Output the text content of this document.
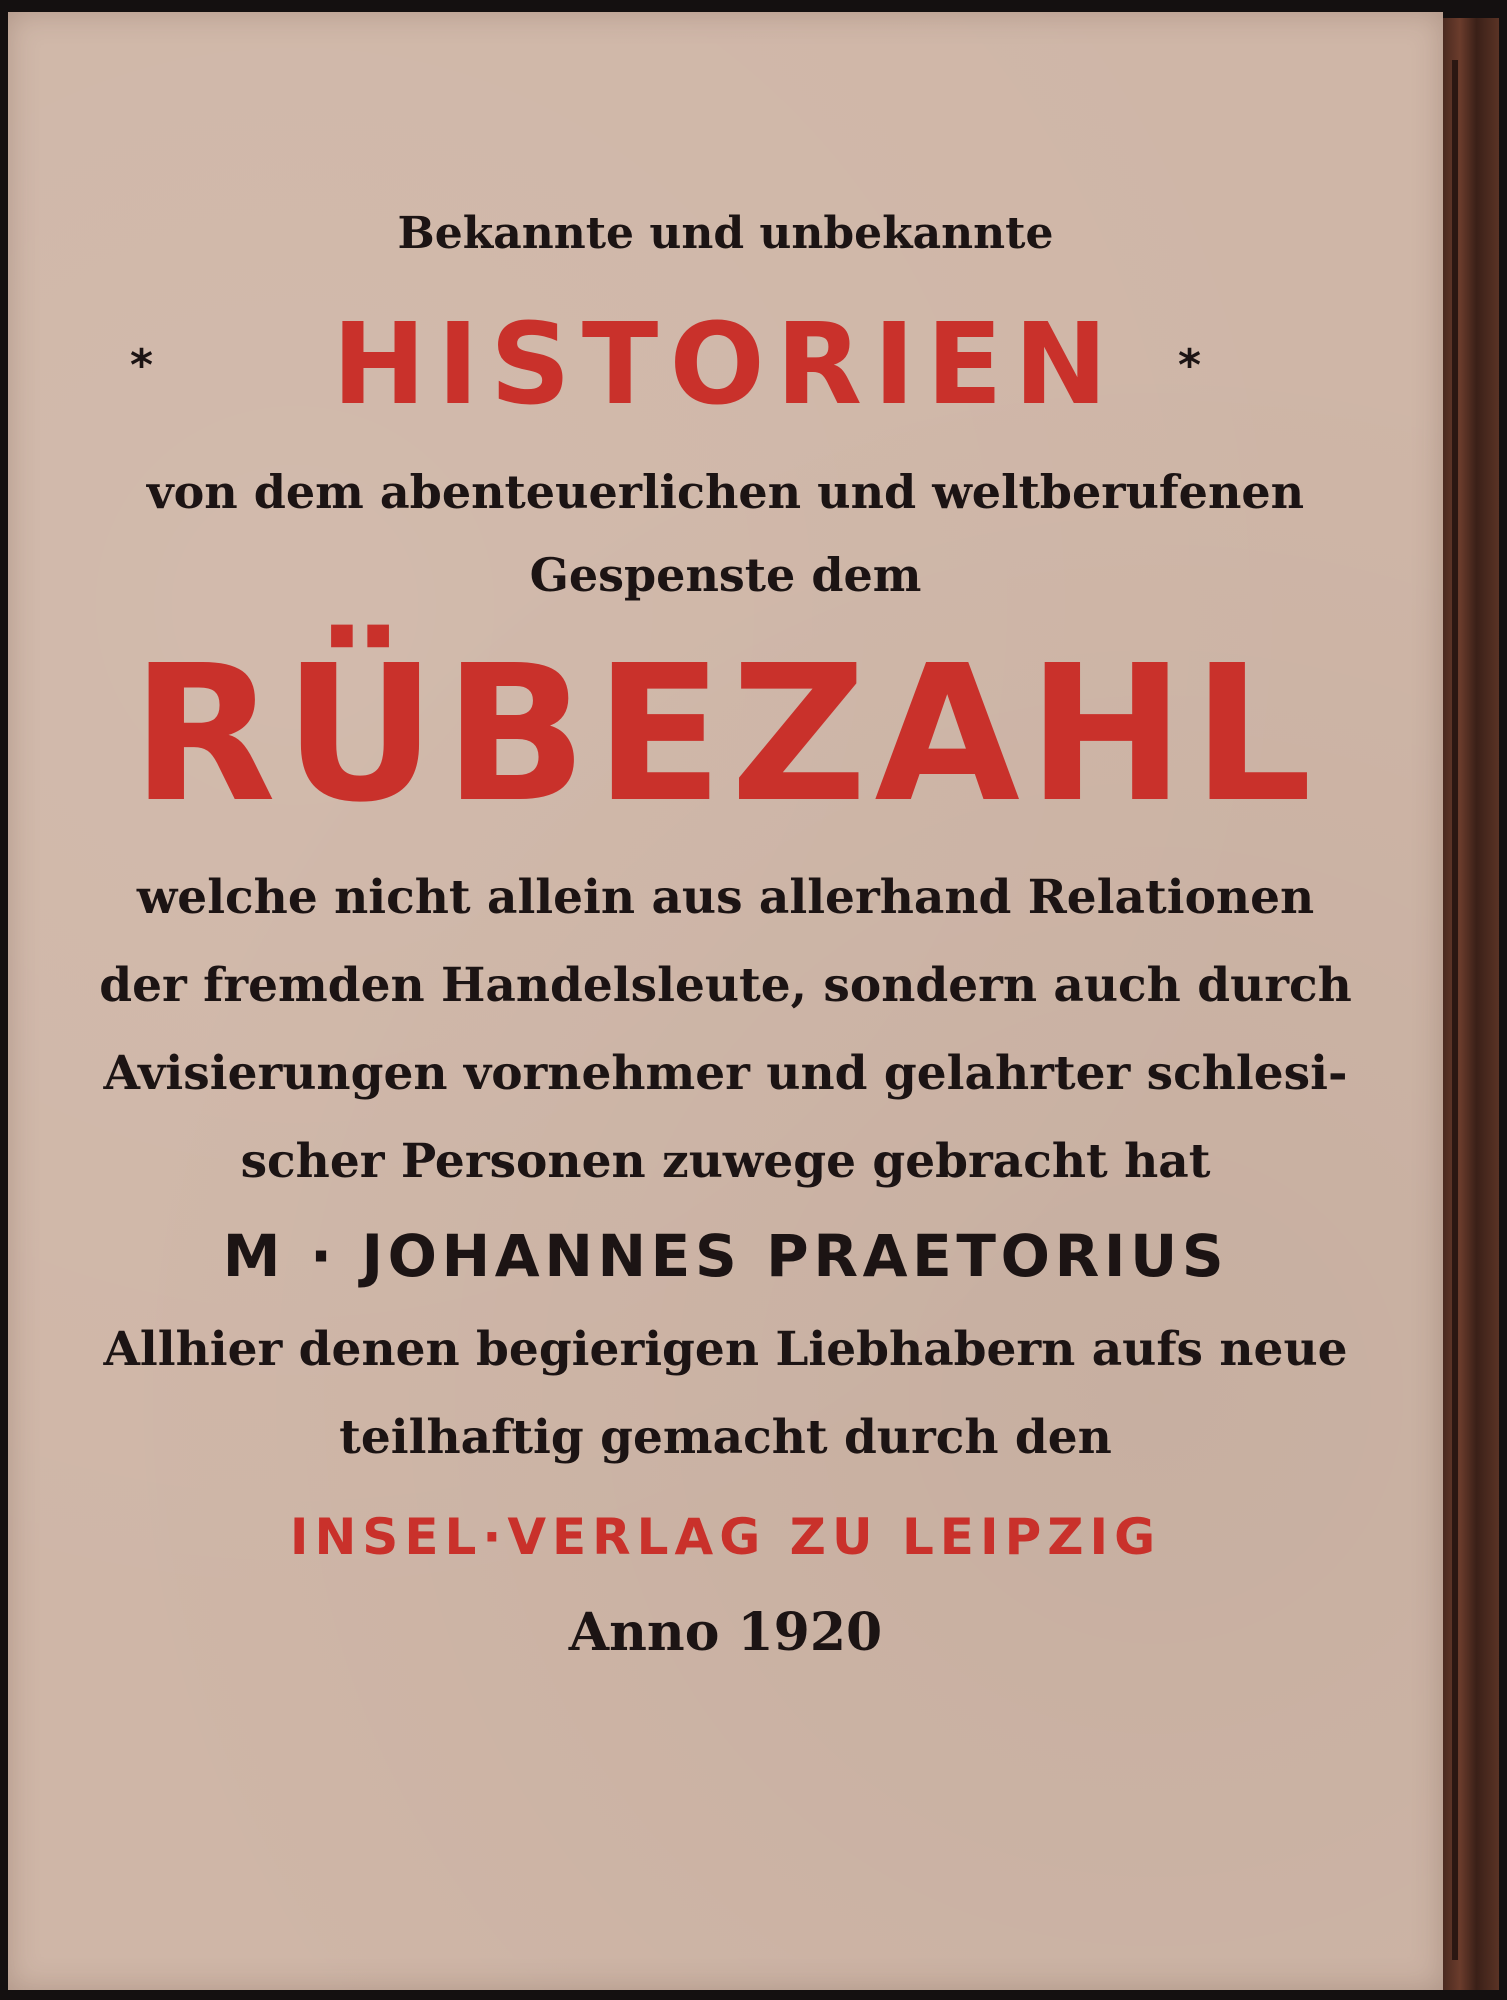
Bekannte und unbekannte

*	HISTORIEN	*

von dem abenteuerlichen und weltberufenen

Gespenste dem

RÜBEZAHL

welche nicht allein aus allerhand Relationen

der fremden Handelsleute, sondern auch durch

Avisierungen vornehmer und gelahrter schlesi-

scher Personen zuwege gebracht hat

M · JOHANNES PRAETORIUS

Allhier denen begierigen Liebhabern aufs neue

teilhaftig gemacht durch den

INSEL·VERLAG ZU LEIPZIG

Anno 1920
